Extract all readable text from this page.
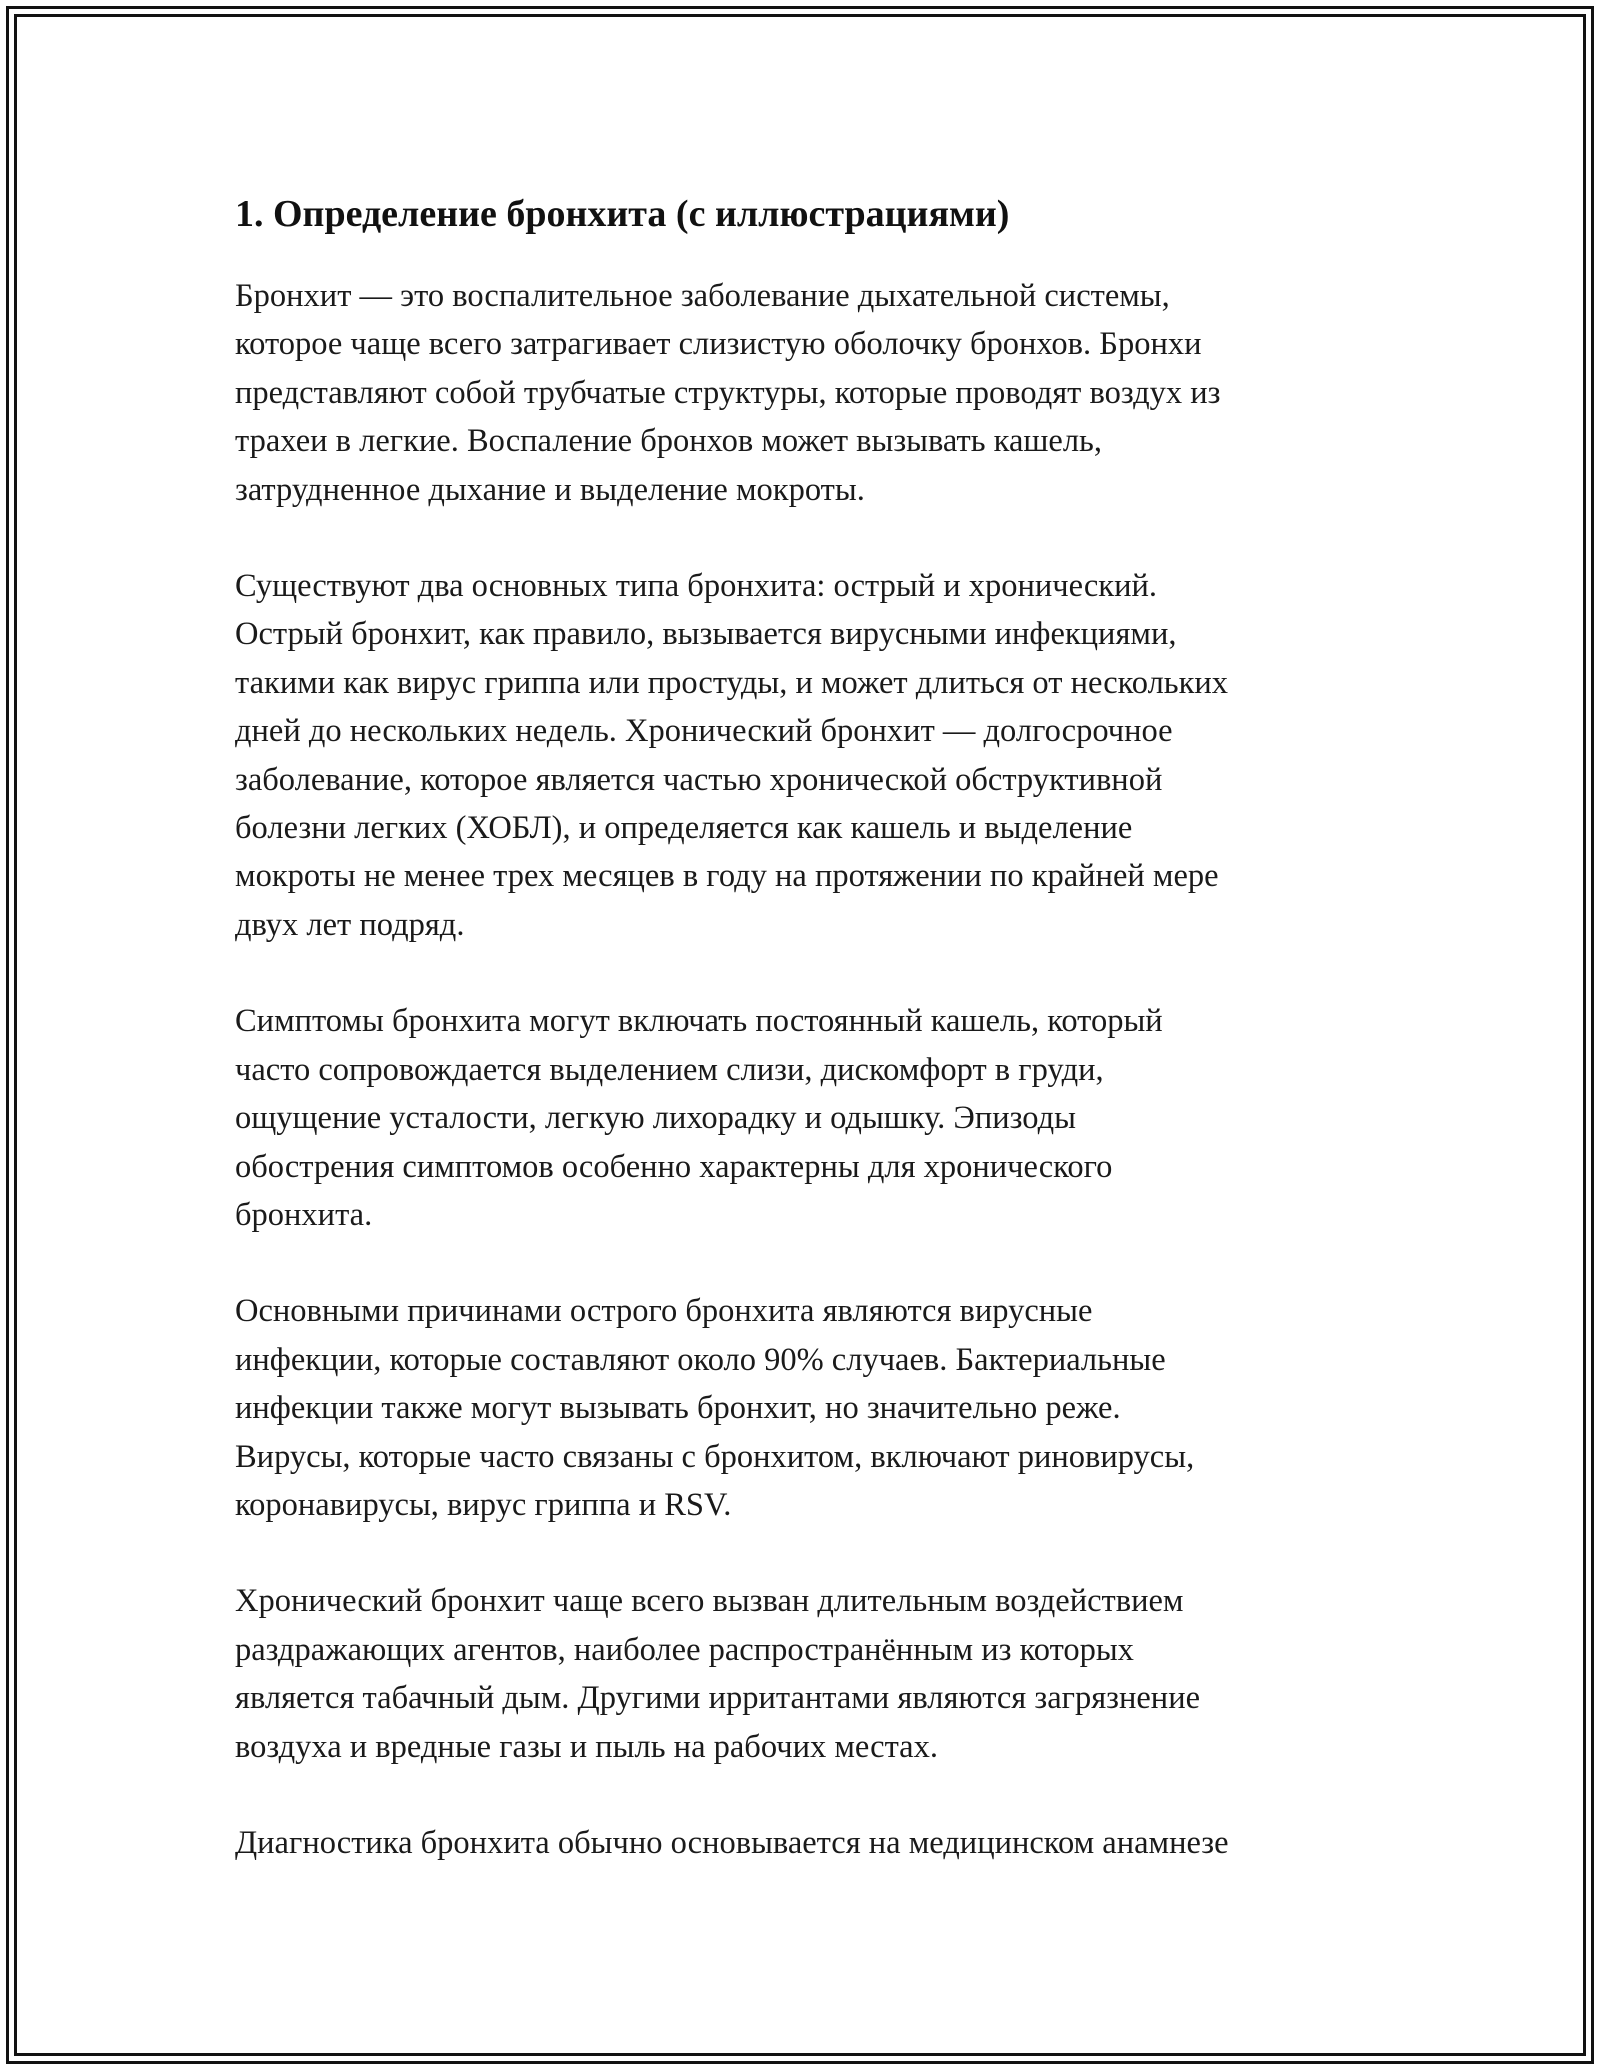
1. Определение бронхита (с иллюстрациями)

Бронхит — это воспалительное заболевание дыхательной системы,
которое чаще всего затрагивает слизистую оболочку бронхов. Бронхи
представляют собой трубчатые структуры, которые проводят воздух из
трахеи в легкие. Воспаление бронхов может вызывать кашель,
затрудненное дыхание и выделение мокроты.

Существуют два основных типа бронхита: острый и хронический.
Острый бронхит, как правило, вызывается вирусными инфекциями,
такими как вирус гриппа или простуды, и может длиться от нескольких
дней до нескольких недель. Хронический бронхит — долгосрочное
заболевание, которое является частью хронической обструктивной
болезни легких (ХОБЛ), и определяется как кашель и выделение
мокроты не менее трех месяцев в году на протяжении по крайней мере
двух лет подряд.

Симптомы бронхита могут включать постоянный кашель, который
часто сопровождается выделением слизи, дискомфорт в груди,
ощущение усталости, легкую лихорадку и одышку. Эпизоды
обострения симптомов особенно характерны для хронического
бронхита.

Основными причинами острого бронхита являются вирусные
инфекции, которые составляют около 90% случаев. Бактериальные
инфекции также могут вызывать бронхит, но значительно реже.
Вирусы, которые часто связаны с бронхитом, включают риновирусы,
коронавирусы, вирус гриппа и RSV.

Хронический бронхит чаще всего вызван длительным воздействием
раздражающих агентов, наиболее распространённым из которых
является табачный дым. Другими ирритантами являются загрязнение
воздуха и вредные газы и пыль на рабочих местах.

Диагностика бронхита обычно основывается на медицинском анамнезе
